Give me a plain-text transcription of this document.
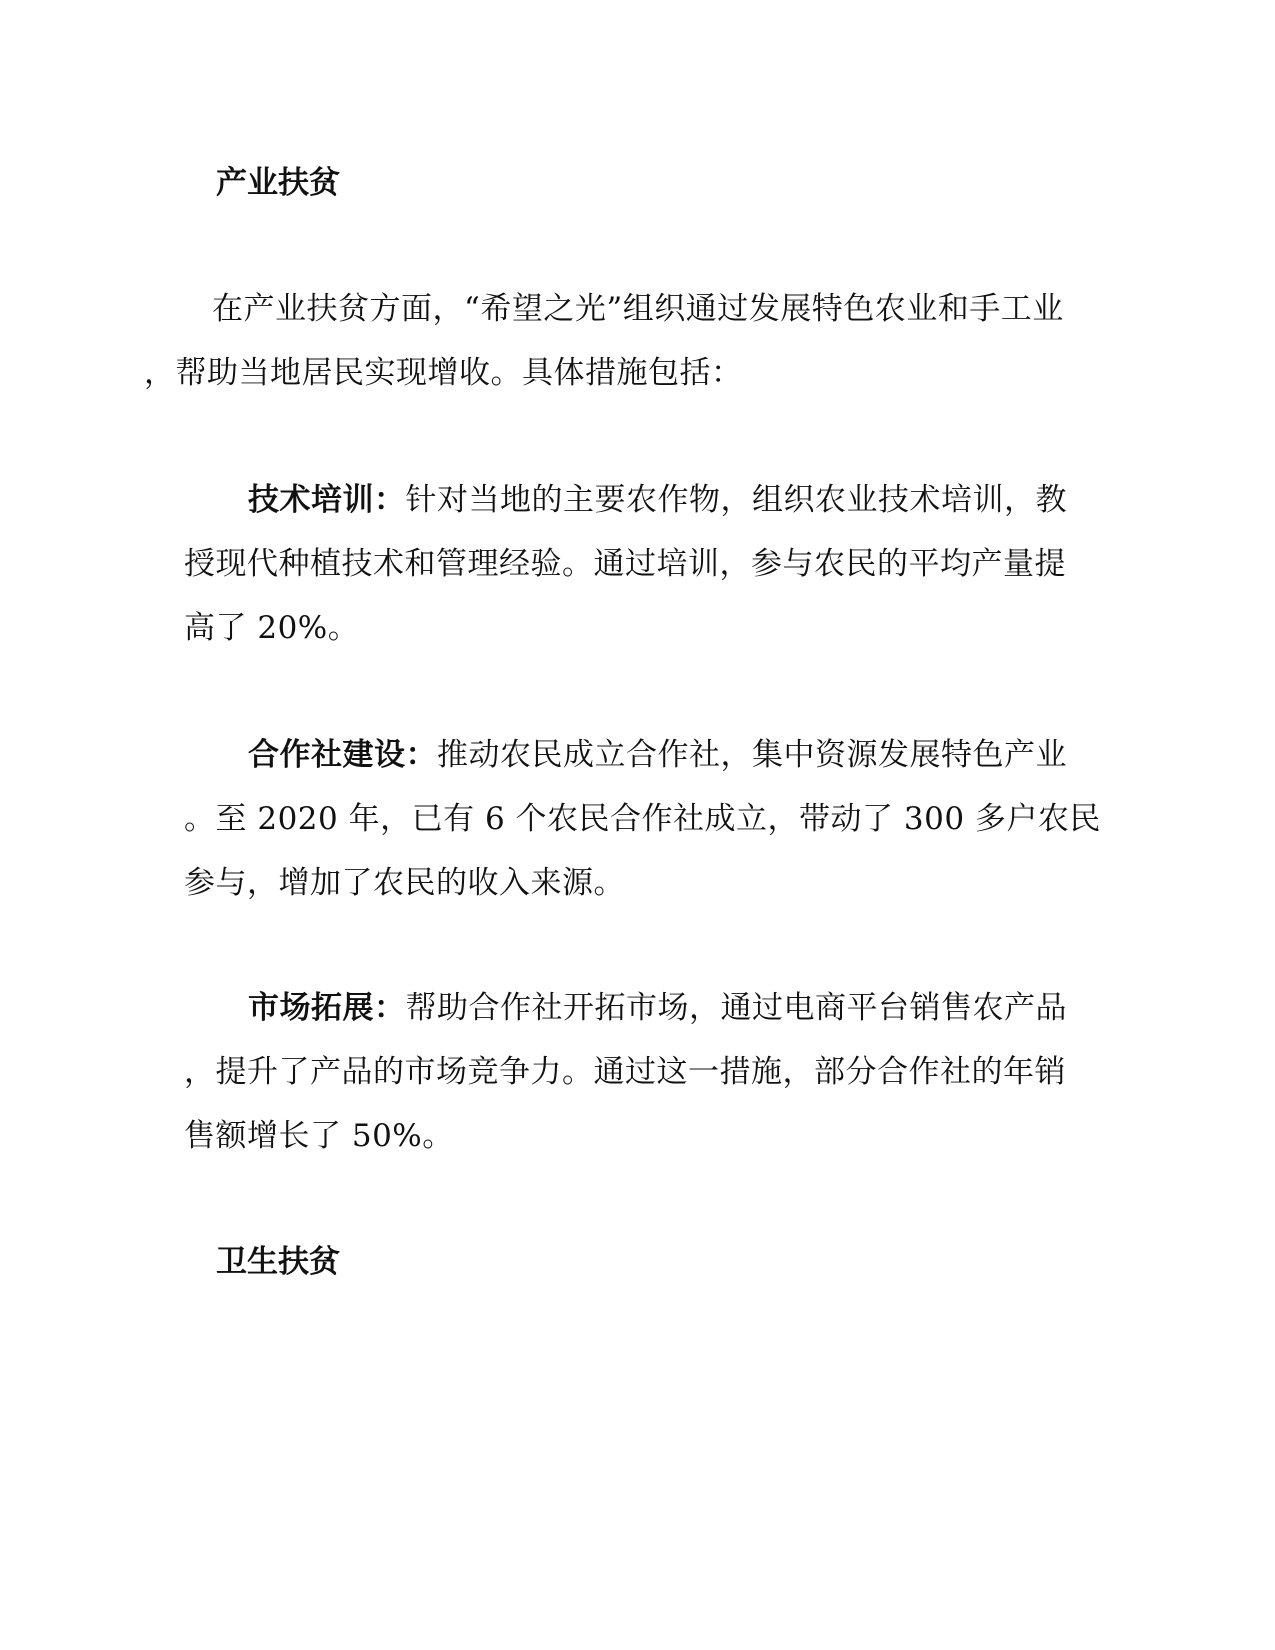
产业扶贫

在产业扶贫方面，“希望之光”组织通过发展特色农业和手工业

，帮助当地居民实现增收。具体措施包括：

技术培训：针对当地的主要农作物，组织农业技术培训，教

授现代种植技术和管理经验。通过培训，参与农民的平均产量提

高了 20%。

合作社建设：推动农民成立合作社，集中资源发展特色产业

。至 2020 年，已有 6 个农民合作社成立，带动了 300 多户农民

参与，增加了农民的收入来源。

市场拓展：帮助合作社开拓市场，通过电商平台销售农产品

，提升了产品的市场竞争力。通过这一措施，部分合作社的年销

售额增长了 50%。

卫生扶贫
